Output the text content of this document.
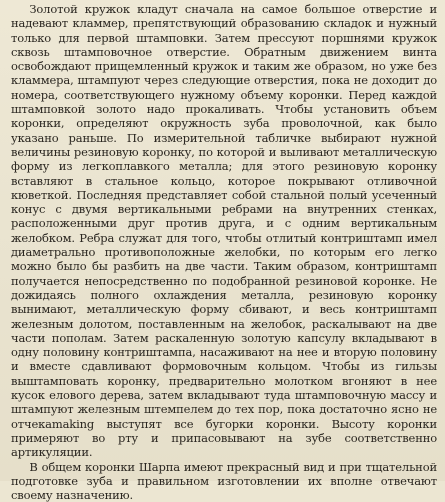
Золотой кружок кладут сначала на самое большое отверстие и надевают кламмер, препятствующий образованию складок и нужный только для первой штамповки. Затем прессуют поршнями кружок сквозь штамповочное отверстие. Обратным движением винта освобождают прищемленный кружок и таким же образом, но уже без кламмера, штампуют через следующие отверстия, пока не доходит до номера, соответствующего нужному объему коронки. Перед каждой штамповкой золото надо прокаливать. Чтобы установить объем коронки, определяют окружность зуба проволочной, как было указано раньше. По измерительной табличке выбирают нужной величины резиновую коронку, по которой и выливают металлическую форму из легкоплавкого металла; для этого резиновую коронку вставляют в стальное кольцо, которое покрывают отливочной кюветкой. Последняя представляет собой стальной полый усеченный конус с двумя вертикальными ребрами на внутренних стенках, расположенными друг против друга, и с одним вертикальным желобком. Ребра служат для того, чтобы отлитый контриштамп имел диаметрально противоположные желобки, по которым его легко можно было бы разбить на две части. Таким образом, контриштамп получается непосредственно по подобранной резиновой коронке. Не дожидаясь полного охлаждения металла, резиновую коронку вынимают, металлическую форму сбивают, и весь контриштамп железным долотом, поставленным на желобок, раскалывают на две части пополам. Затем раскаленную золотую капсулу вкладывают в одну половину контриштампа, насаживают на нее и вторую половину и вместе сдавливают формовочным кольцом. Чтобы из гильзы выштамповать коронку, предварительно молотком вгоняют в нее кусок елового дерева, затем вкладывают туда штамповочную массу и штампуют железным штемпелем до тех пор, пока достаточно ясно не отчекаmaking выступят все бугорки коронки. Высоту коронки примеряют во рту и припасовывают на зубе соответственно артикуляции.

В общем коронки Шарпа имеют прекрасный вид и при тщательной подготовке зуба и правильном изготовлении их вполне отвечают своему назначению.
